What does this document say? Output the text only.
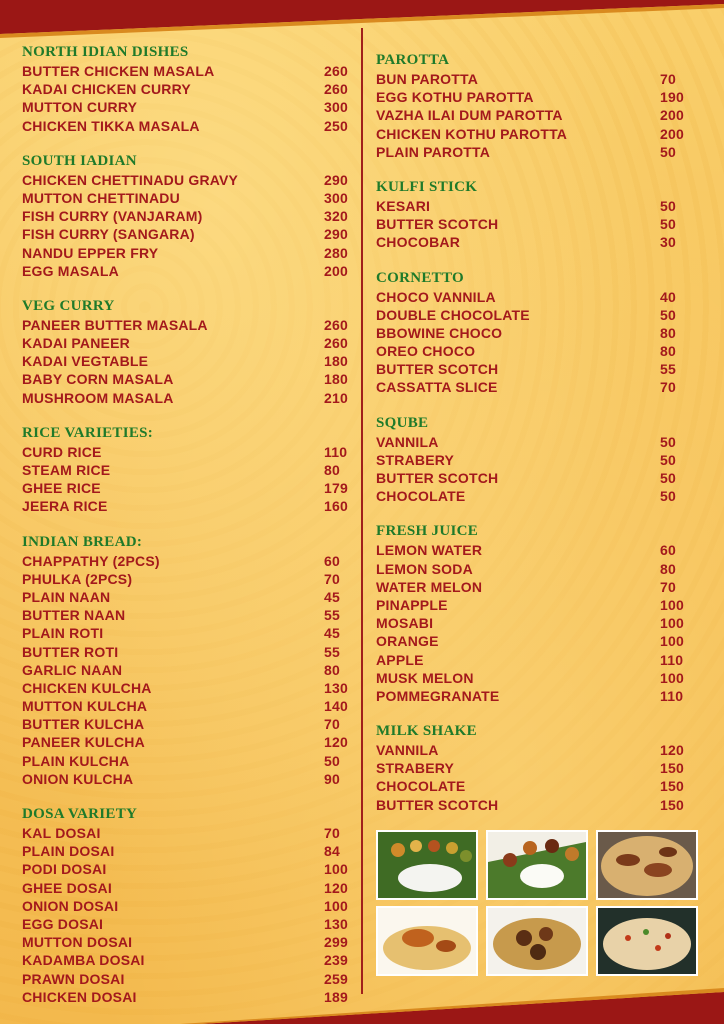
NORTH IDIAN DISHES
BUTTER CHICKEN MASALA	260
KADAI CHICKEN CURRY	260
MUTTON CURRY	300
CHICKEN TIKKA MASALA	250
SOUTH IADIAN
CHICKEN CHETTINADU GRAVY	290
MUTTON CHETTINADU	300
FISH CURRY (VANJARAM)	320
FISH CURRY (SANGARA)	290
NANDU EPPER FRY	280
EGG MASALA	200
VEG CURRY
PANEER BUTTER MASALA	260
KADAI PANEER	260
KADAI VEGTABLE	180
BABY CORN MASALA	180
MUSHROOM MASALA	210
RICE VARIETIES:
CURD RICE	110
STEAM RICE	80
GHEE RICE	179
JEERA RICE	160
INDIAN BREAD:
CHAPPATHY (2PCS)	60
PHULKA (2PCS)	70
PLAIN NAAN	45
BUTTER NAAN	55
PLAIN ROTI	45
BUTTER ROTI	55
GARLIC NAAN	80
CHICKEN KULCHA	130
MUTTON KULCHA	140
BUTTER KULCHA	70
PANEER KULCHA	120
PLAIN KULCHA	50
ONION KULCHA	90
DOSA VARIETY
KAL DOSAI	70
PLAIN DOSAI	84
PODI DOSAI	100
GHEE DOSAI	120
ONION DOSAI	100
EGG DOSAI	130
MUTTON DOSAI	299
KADAMBA DOSAI	239
PRAWN DOSAI	259
CHICKEN DOSAI	189
PAROTTA
BUN PAROTTA	70
EGG KOTHU PAROTTA	190
VAZHA ILAI DUM PAROTTA	200
CHICKEN KOTHU PAROTTA	200
PLAIN PAROTTA	50
KULFI STICK
KESARI	50
BUTTER SCOTCH	50
CHOCOBAR	30
CORNETTO
CHOCO VANNILA	40
DOUBLE CHOCOLATE	50
BBOWINE CHOCO	80
OREO CHOCO	80
BUTTER SCOTCH	55
CASSATTA SLICE	70
SQUBE
VANNILA	50
STRABERY	50
BUTTER SCOTCH	50
CHOCOLATE	50
FRESH JUICE
LEMON WATER	60
LEMON SODA	80
WATER MELON	70
PINAPPLE	100
MOSABI	100
ORANGE	100
APPLE	110
MUSK MELON	100
POMMEGRANATE	110
MILK SHAKE
VANNILA	120
STRABERY	150
CHOCOLATE	150
BUTTER SCOTCH	150
